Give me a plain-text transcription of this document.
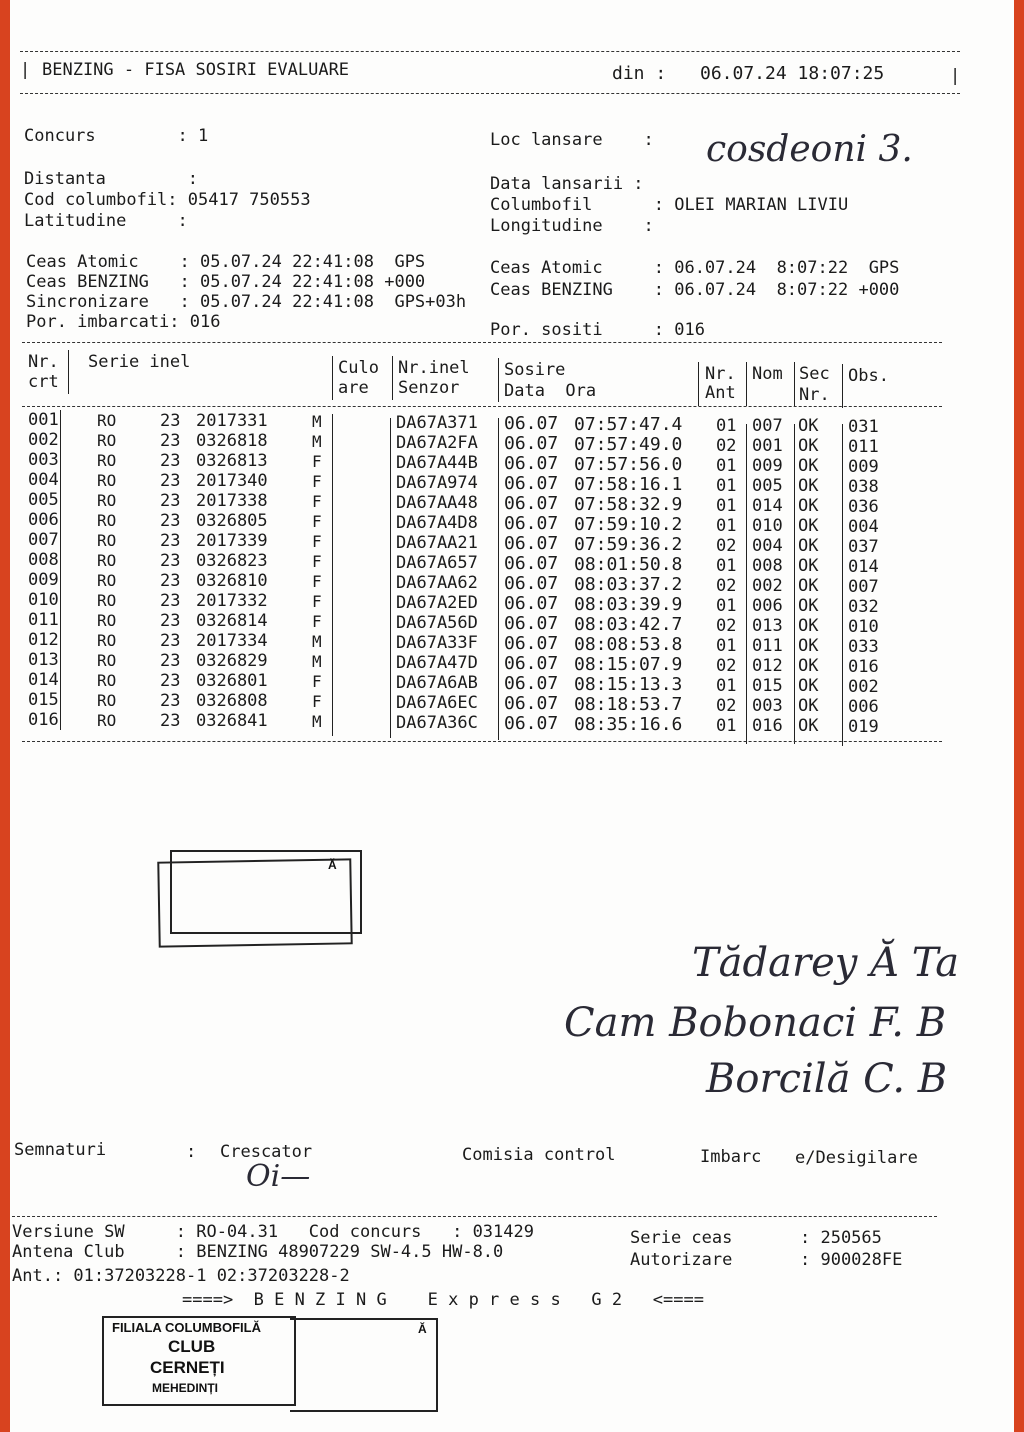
| BENZING - FISA SOSIRI EVALUARE	din : 06.07.24 18:07:25	|
Concurs        : 1
Distanta        :
Cod columbofil: 05417 750553
Latitudine     :
Loc lansare    : cosdeoni 3.
Data lansarii :
Columbofil      : OLEI MARIAN LIVIU
Longitudine    :
Ceas Atomic    : 05.07.24 22:41:08  GPS
Ceas BENZING   : 05.07.24 22:41:08 +000
Sincronizare   : 05.07.24 22:41:08  GPS+03h
Por. imbarcati: 016
Ceas Atomic     : 06.07.24  8:07:22  GPS
Ceas BENZING    : 06.07.24  8:07:22 +000
Por. sositi     : 016
Nr.
crt
Serie inel	Culo
are
Nr.inel
Senzor
Sosire
Data  Ora
Nr.
Ant
Nom Sec
Nr.
Obs.
001 RO	23 2017331	M	DA67A371 06.07 07:57:47.4 01 007 OK 031
002 RO	23 0326818	M	DA67A2FA 06.07 07:57:49.0 02 001 OK 011
003 RO	23 0326813	F	DA67A44B 06.07 07:57:56.0 01 009 OK 009
004 RO	23 2017340	F	DA67A974 06.07 07:58:16.1 01 005 OK 038
005 RO	23 2017338	F	DA67AA48 06.07 07:58:32.9 01 014 OK 036
006 RO	23 0326805	F	DA67A4D8 06.07 07:59:10.2 01 010 OK 004
007 RO	23 2017339	F	DA67AA21 06.07 07:59:36.2 02 004 OK 037
008 RO	23 0326823	F	DA67A657 06.07 08:01:50.8 01 008 OK 014
009 RO	23 0326810	F	DA67AA62 06.07 08:03:37.2 02 002 OK 007
010 RO	23 2017332	F	DA67A2ED 06.07 08:03:39.9 01 006 OK 032
011 RO	23 0326814	F	DA67A56D 06.07 08:03:42.7 02 013 OK 010
012 RO	23 2017334	M	DA67A33F 06.07 08:08:53.8 01 011 OK 033
013 RO	23 0326829	M	DA67A47D 06.07 08:15:07.9 02 012 OK 016
014 RO	23 0326801	F	DA67A6AB 06.07 08:15:13.3 01 015 OK 002
015 RO	23 0326808	F	DA67A6EC 06.07 08:18:53.7 02 003 OK 006
016 RO	23 0326841	M	DA67A36C 06.07 08:35:16.6 01 016 OK 019
Ă
Tădarey Ă Ta
Cam Bobonaci F. B
Borcilă C. B
Semnaturi	: Crescator	Comisia control	Imbarc e/Desigilare
Oi—
Versiune SW     : RO-04.31   Cod concurs   : 031429	Serie ceas	: 250565
Antena Club     : BENZING 48907229 SW-4.5 HW-8.0	Autorizare	: 900028FE
Ant.: 01:37203228-1 02:37203228-2
====>  B E N Z I N G    E x p r e s s   G 2   <====
FILIALA COLUMBOFILĂ
CLUB
CERNEȚI
MEHEDINȚI
Ă
